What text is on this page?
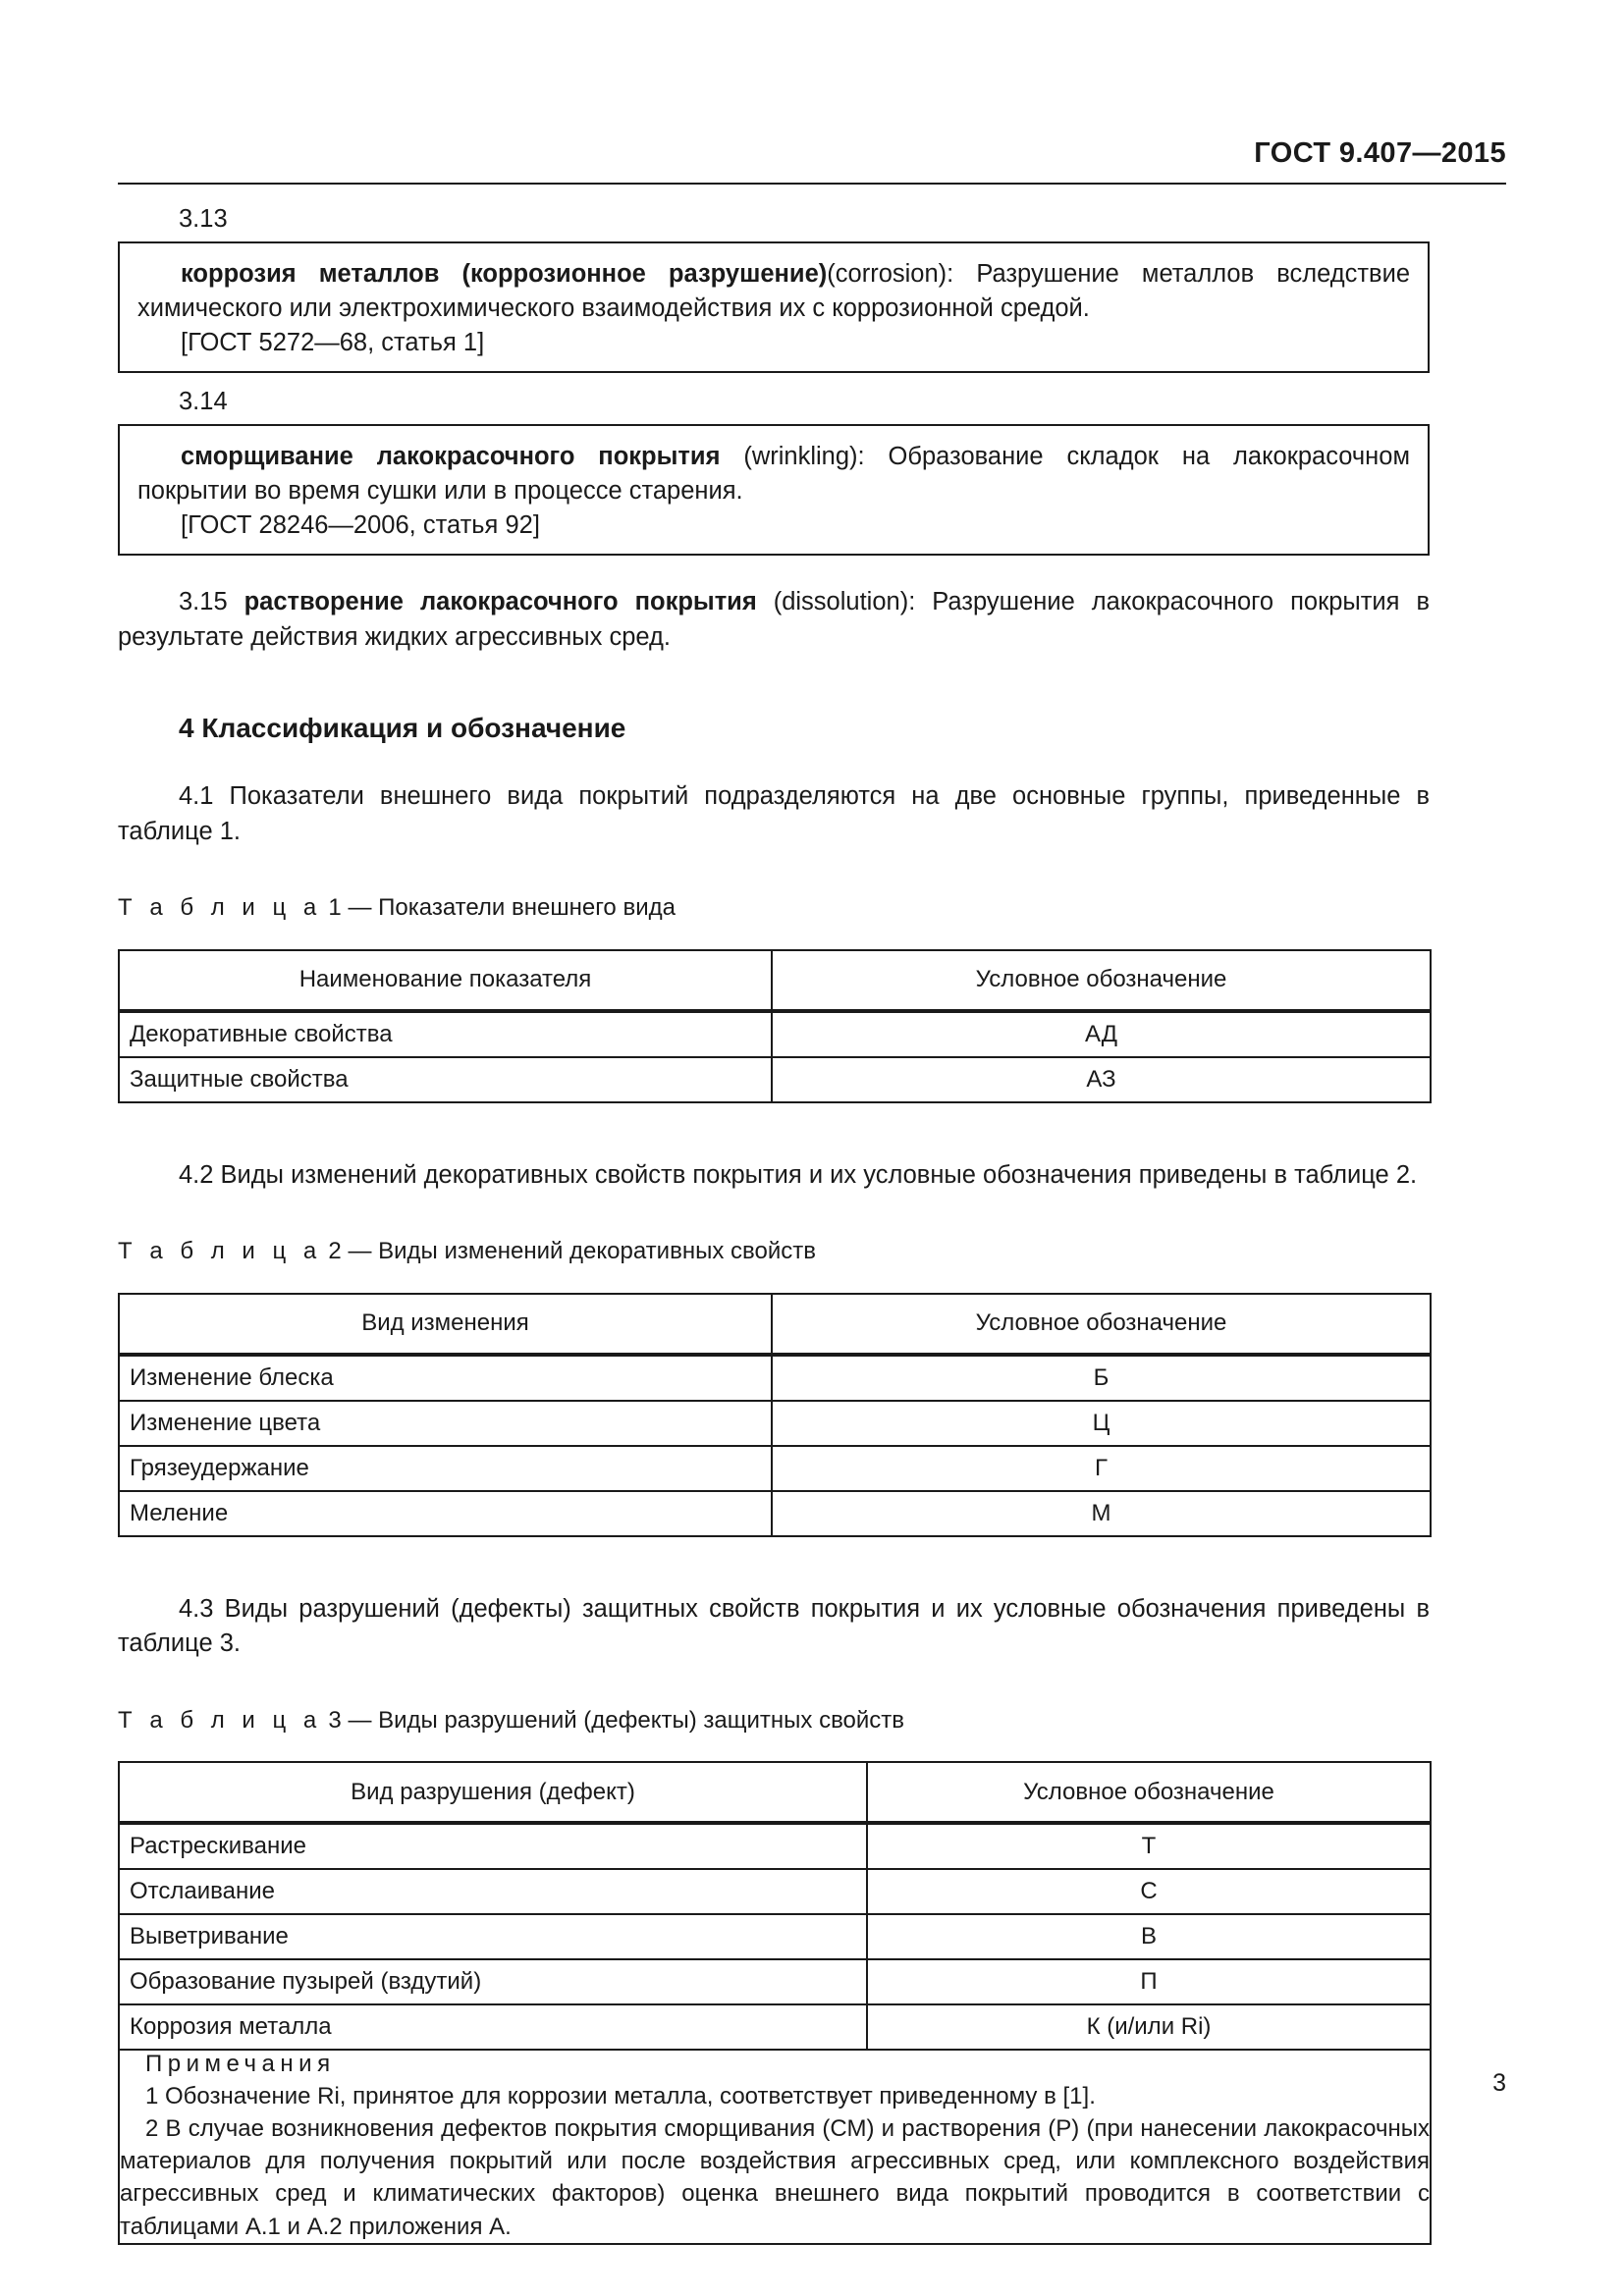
ГОСТ 9.407—2015

3.13

коррозия металлов (коррозионное разрушение)(corrosion): Разрушение металлов вследствие химического или электрохимического взаимодействия их с коррозионной средой.

[ГОСТ 5272—68, статья 1]

3.14

сморщивание лакокрасочного покрытия (wrinkling): Образование складок на лакокрасочном покрытии во время сушки или в процессе старения.

[ГОСТ 28246—2006, статья 92]

3.15 растворение лакокрасочного покрытия (dissolution): Разрушение лакокрасочного покрытия в результате действия жидких агрессивных сред.

4 Классификация и обозначение

4.1 Показатели внешнего вида покрытий подразделяются на две основные группы, приведенные в таблице 1.

Т а б л и ц а 1 — Показатели внешнего вида

Наименование показателя	Условное обозначение
Декоративные свойства	АД
Защитные свойства	АЗ

4.2 Виды изменений декоративных свойств покрытия и их условные обозначения приведены в таблице 2.

Т а б л и ц а 2 — Виды изменений декоративных свойств

Вид изменения	Условное обозначение
Изменение блеска	Б
Изменение цвета	Ц
Грязеудержание	Г
Меление	М

4.3 Виды разрушений (дефекты) защитных свойств покрытия и их условные обозначения приведены в таблице 3.

Т а б л и ц а 3 — Виды разрушений (дефекты) защитных свойств

Вид разрушения (дефект)	Условное обозначение
Растрескивание	Т
Отслаивание	С
Выветривание	В
Образование пузырей (вздутий)	П
Коррозия металла	К (и/или Ri)

Примечания

1 Обозначение Ri, принятое для коррозии металла, соответствует приведенному в [1].

2 В случае возникновения дефектов покрытия сморщивания (СМ) и растворения (Р) (при нанесении лакокрасочных материалов для получения покрытий или после воздействия агрессивных сред, или комплексного воздействия агрессивных сред и климатических факторов) оценка внешнего вида покрытий проводится в соответствии с таблицами А.1 и А.2 приложения А.	

3
